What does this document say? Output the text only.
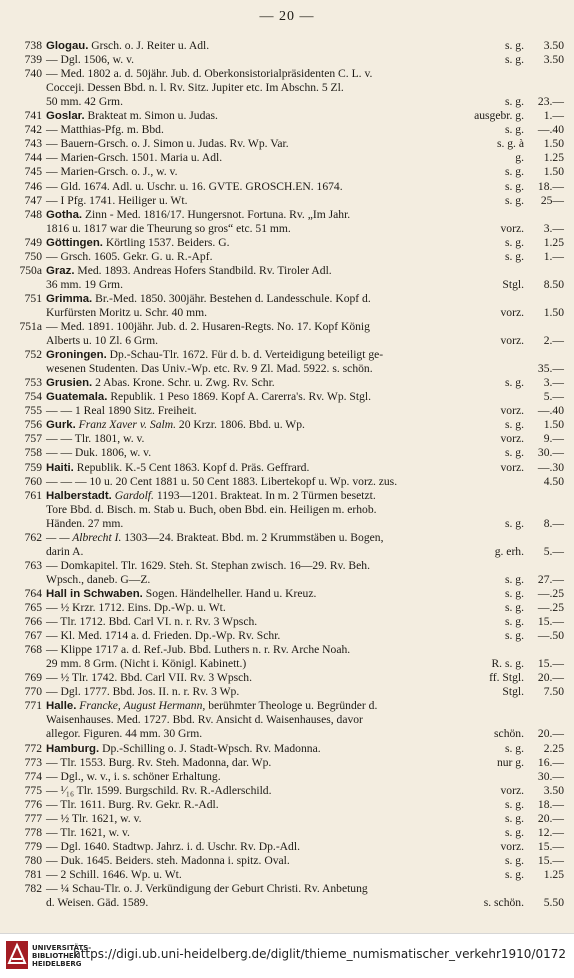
— 20 —
738 Glogau. Grsch. o. J. Reiter u. Adl.	s. g. 3.50
739 — Dgl. 1506, w. v.	s. g. 3.50
740 — Med. 1802 a. d. 50jähr. Jub. d. Oberkonsistorialpräsidenten C. L. v.
Cocceji. Dessen Bbd. n. l. Rv. Sitz. Jupiter etc. Im Abschn. 5 Zl.
50 mm. 42 Grm.	s. g. 23.—
741 Goslar. Brakteat m. Simon u. Judas.	ausgebr. g. 1.—
742 — Matthias-Pfg. m. Bbd.	s. g. —.40
743 — Bauern-Grsch. o. J. Simon u. Judas. Rv. Wp. Var.	s. g. à 1.50
744 — Marien-Grsch. 1501. Maria u. Adl.	g. 1.25
745 — Marien-Grsch. o. J., w. v.	s. g. 1.50
746 — Gld. 1674. Adl. u. Uschr. u. 16. GVTE. GROSCH.EN. 1674.	s. g. 18.—
747 — I Pfg. 1741. Heiliger u. Wt.	s. g. 25—
748 Gotha. Zinn - Med. 1816/17. Hungersnot. Fortuna. Rv. „Im Jahr.
1816 u. 1817 war die Theurung so gros“ etc. 51 mm.	vorz. 3.—
749 Göttingen. Körtling 1537. Beiders. G.	s. g. 1.25
750 — Grsch. 1605. Gekr. G. u. R.-Apf.	s. g. 1.—
750a Graz. Med. 1893. Andreas Hofers Standbild. Rv. Tiroler Adl.
36 mm. 19 Grm.	Stgl. 8.50
751 Grimma. Br.-Med. 1850. 300jähr. Bestehen d. Landesschule. Kopf d.
Kurfürsten Moritz u. Schr. 40 mm.	vorz. 1.50
751a — Med. 1891. 100jähr. Jub. d. 2. Husaren-Regts. No. 17. Kopf König
Alberts u. 10 Zl. 6 Grm.	vorz. 2.—
752 Groningen. Dp.-Schau-Tlr. 1672. Für d. b. d. Verteidigung beteiligt ge-
wesenen Studenten. Das Univ.-Wp. etc. Rv. 9 Zl. Mad. 5922. s. schön.	35.—
753 Grusien. 2 Abas. Krone. Schr. u. Zwg. Rv. Schr.	s. g. 3.—
754 Guatemala. Republik. 1 Peso 1869. Kopf A. Carerra's. Rv. Wp. Stgl.	5.—
755 — — 1 Real 1890 Sitz. Freiheit.	vorz. —.40
756 Gurk. Franz Xaver v. Salm. 20 Krzr. 1806. Bbd. u. Wp.	s. g. 1.50
757 — — Tlr. 1801, w. v.	vorz. 9.—
758 — — Duk. 1806, w. v.	s. g. 30.—
759 Haiti. Republik. K.-5 Cent 1863. Kopf d. Präs. Geffrard.	vorz. —.30
760 — — — 10 u. 20 Cent 1881 u. 50 Cent 1883. Libertekopf u. Wp. vorz. zus.	4.50
761 Halberstadt. Gardolf. 1193—1201. Brakteat. In m. 2 Türmen besetzt.
Tore Bbd. d. Bisch. m. Stab u. Buch, oben Bbd. ein. Heiligen m. erhob.
Händen. 27 mm.	s. g. 8.—
762 — — Albrecht I. 1303—24. Brakteat. Bbd. m. 2 Krummstäben u. Bogen,
darin A.	g. erh. 5.—
763 — Domkapitel. Tlr. 1629. Steh. St. Stephan zwisch. 16—29. Rv. Beh.
Wpsch., daneb. G—Z.	s. g. 27.—
764 Hall in Schwaben. Sogen. Händelheller. Hand u. Kreuz.	s. g. —.25
765 — ½ Krzr. 1712. Eins. Dp.-Wp. u. Wt.	s. g. —.25
766 — Tlr. 1712. Bbd. Carl VI. n. r. Rv. 3 Wpsch.	s. g. 15.—
767 — Kl. Med. 1714 a. d. Frieden. Dp.-Wp. Rv. Schr.	s. g. —.50
768 — Klippe 1717 a. d. Ref.-Jub. Bbd. Luthers n. r. Rv. Arche Noah.
29 mm. 8 Grm. (Nicht i. Königl. Kabinett.)	R. s. g. 15.—
769 — ½ Tlr. 1742. Bbd. Carl VII. Rv. 3 Wpsch.	ff. Stgl. 20.—
770 — Dgl. 1777. Bbd. Jos. II. n. r. Rv. 3 Wp.	Stgl. 7.50
771 Halle. Francke, August Hermann, berühmter Theologe u. Begründer d.
Waisenhauses. Med. 1727. Bbd. Rv. Ansicht d. Waisenhauses, davor
allegor. Figuren. 44 mm. 30 Grm.	schön. 20.—
772 Hamburg. Dp.-Schilling o. J. Stadt-Wpsch. Rv. Madonna.	s. g. 2.25
773 — Tlr. 1553. Burg. Rv. Steh. Madonna, dar. Wp.	nur g. 16.—
774 — Dgl., w. v., i. s. schöner Erhaltung.	30.—
775 — ¹⁄₁₆ Tlr. 1599. Burgschild. Rv. R.-Adlerschild.	vorz. 3.50
776 — Tlr. 1611. Burg. Rv. Gekr. R.-Adl.	s. g. 18.—
777 — ½ Tlr. 1621, w. v.	s. g. 20.—
778 — Tlr. 1621, w. v.	s. g. 12.—
779 — Dgl. 1640. Stadtwp. Jahrz. i. d. Uschr. Rv. Dp.-Adl.	vorz. 15.—
780 — Duk. 1645. Beiders. steh. Madonna i. spitz. Oval.	s. g. 15.—
781 — 2 Schill. 1646. Wp. u. Wt.	s. g. 1.25
782 — ¼ Schau-Tlr. o. J. Verkündigung der Geburt Christi. Rv. Anbetung
d. Weisen. Gäd. 1589.	s. schön. 5.50
UNIVERSITÄTS-
BIBLIOTHEK
HEIDELBERG
https://digi.ub.uni-heidelberg.de/diglit/thieme_numismatischer_verkehr1910/0172
